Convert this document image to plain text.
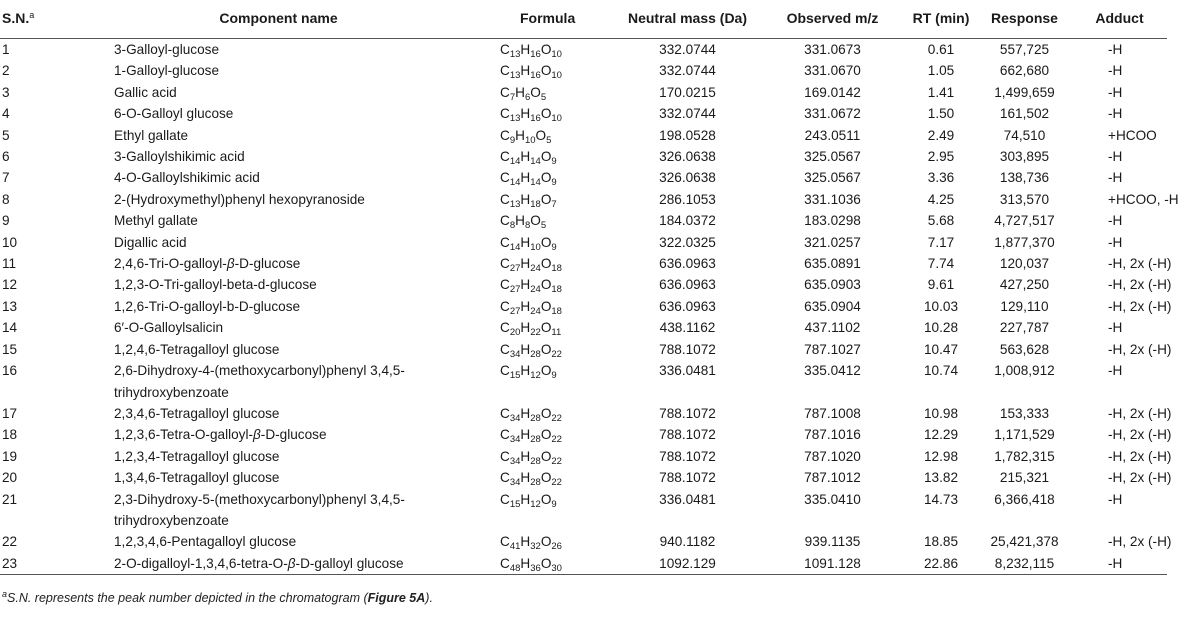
S.N.$^a$	Component name	Formula	Neutral mass (Da)	Observed m/z	RT (min)	Response	Adduct
1	3-Galloyl-glucose	$C_{13}H_{16}O_{10}$	332.0744	331.0673	0.61	557,725	-H
2	1-Galloyl-glucose	$C_{13}H_{16}O_{10}$	332.0744	331.0670	1.05	662,680	-H
3	Gallic acid	$C_7H_6O_5$	170.0215	169.0142	1.41	1,499,659	-H
4	6-O-Galloyl glucose	$C_{13}H_{16}O_{10}$	332.0744	331.0672	1.50	161,502	-H
5	Ethyl gallate	$C_9H_{10}O_5$	198.0528	243.0511	2.49	74,510	+HCOO
6	3-Galloylshikimic acid	$C_{14}H_{14}O_9$	326.0638	325.0567	2.95	303,895	-H
7	4-O-Galloylshikimic acid	$C_{14}H_{14}O_9$	326.0638	325.0567	3.36	138,736	-H
8	2-(Hydroxymethyl)phenyl hexopyranoside	$C_{13}H_{18}O_7$	286.1053	331.1036	4.25	313,570	+HCOO, -H
9	Methyl gallate	$C_8H_8O_5$	184.0372	183.0298	5.68	4,727,517	-H
10	Digallic acid	$C_{14}H_{10}O_9$	322.0325	321.0257	7.17	1,877,370	-H
11	2,4,6-Tri-O-galloyl-β-D-glucose	$C_{27}H_{24}O_{18}$	636.0963	635.0891	7.74	120,037	-H, 2x (-H)
12	1,2,3-O-Tri-galloyl-beta-d-glucose	$C_{27}H_{24}O_{18}$	636.0963	635.0903	9.61	427,250	-H, 2x (-H)
13	1,2,6-Tri-O-galloyl-b-D-glucose	$C_{27}H_{24}O_{18}$	636.0963	635.0904	10.03	129,110	-H, 2x (-H)
14	6′-O-Galloylsalicin	$C_{20}H_{22}O_{11}$	438.1162	437.1102	10.28	227,787	-H
15	1,2,4,6-Tetragalloyl glucose	$C_{34}H_{28}O_{22}$	788.1072	787.1027	10.47	563,628	-H, 2x (-H)
16	2,6-Dihydroxy-4-(methoxycarbonyl)phenyl 3,4,5-
trihydroxybenzoate	$C_{15}H_{12}O_9$	336.0481	335.0412	10.74	1,008,912	-H
17	2,3,4,6-Tetragalloyl glucose	$C_{34}H_{28}O_{22}$	788.1072	787.1008	10.98	153,333	-H, 2x (-H)
18	1,2,3,6-Tetra-O-galloyl-β-D-glucose	$C_{34}H_{28}O_{22}$	788.1072	787.1016	12.29	1,171,529	-H, 2x (-H)
19	1,2,3,4-Tetragalloyl glucose	$C_{34}H_{28}O_{22}$	788.1072	787.1020	12.98	1,782,315	-H, 2x (-H)
20	1,3,4,6-Tetragalloyl glucose	$C_{34}H_{28}O_{22}$	788.1072	787.1012	13.82	215,321	-H, 2x (-H)
21	2,3-Dihydroxy-5-(methoxycarbonyl)phenyl 3,4,5-
trihydroxybenzoate	$C_{15}H_{12}O_9$	336.0481	335.0410	14.73	6,366,418	-H
22	1,2,3,4,6-Pentagalloyl glucose	$C_{41}H_{32}O_{26}$	940.1182	939.1135	18.85	25,421,378	-H, 2x (-H)
23	2-O-digalloyl-1,3,4,6-tetra-O-β-D-galloyl glucose	$C_{48}H_{36}O_{30}$	1092.129	1091.128	22.86	8,232,115	-H
$^a$S.N. represents the peak number depicted in the chromatogram (Figure 5A).
